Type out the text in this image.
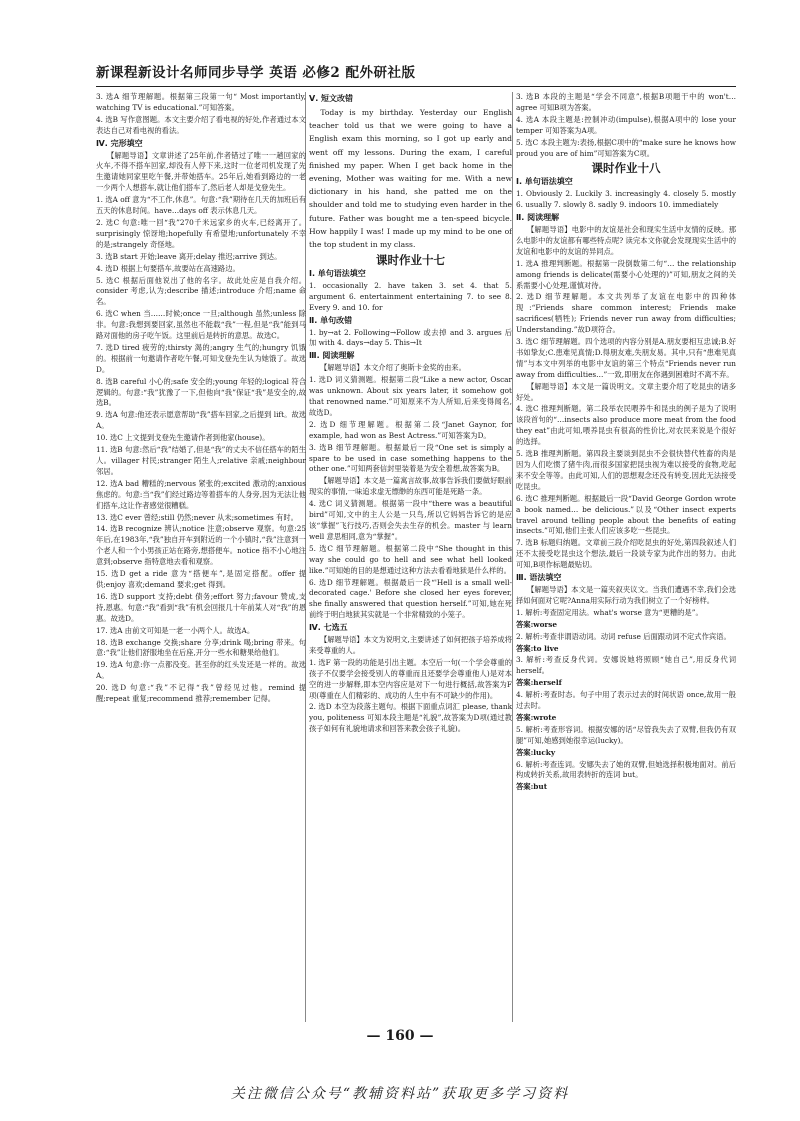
新课程新设计名师同步导学 英语 必修2 配外研社版

3. 选A 细节理解题。根据第三段第一句“ Most importantly, watching TV is educational.”可知答案。

4. 选B 写作意图题。本文主要介绍了看电视的好处,作者通过本文表达自己对看电视的看法。

Ⅳ. 完形填空

【解题导语】文章讲述了25年前,作者错过了唯一一趟回家的火车,不得不搭车回家,却没有人停下来,这时一位老司机发现了先生邀请她同家里吃午餐,并带她搭车。25年后,她看到路边的一老一少两个人想搭车,就让他们搭车了,然后老人却是戈登先生。

1. 选A off 意为“不工作,休息”。句意:“我”期待在几天的加班后有五天的休息时间。have…days off 表示休息几天。

2. 选C 句意:唯一回“我”270千米远家乡的火车,已经离开了。surprisingly 惊讶地;hopefully 有希望地;unfortunately 不幸的是;strangely 奇怪地。

3. 选B start 开始;leave 离开;delay 推迟;arrive 到达。

4. 选D 根据上句要搭车,故要站在高速路边。

5. 选C 根据后面他说出了他的名字。故此处应是自我介绍。consider 考虑,认为;describe 描述;introduce 介绍;name 命名。

6. 选C when 当……时候;once 一旦;although 虽然;unless 除非。句意:我想到要回家,虽然也不能载“我”一程,但是“我”能到马路对面他的房子吃午饭。这里前后是转折的意思。故选C。

7. 选D tired 疲劳的;thirsty 渴的;angry 生气的;hungry 饥饿的。根据前一句邀请作者吃午餐,可知戈登先生认为她饿了。故选D。

8. 选B careful 小心的;safe 安全的;young 年轻的;logical 符合逻辑的。句意:“我”犹豫了一下,但他向“我”保证“我”是安全的,故选B。

9. 选A 句意:他还表示愿意帮助“我”搭车回家,之后提到 lift。故选A。

10. 选C 上文提到戈登先生邀请作者到他家(house)。

11. 选B 句意:然后“我”结婚了,但是“我”的丈夫不信任搭车的陌生人。villager 村民;stranger 陌生人;relative 亲戚;neighbour 邻居。

12. 选A bad 糟糕的;nervous 紧张的;excited 激动的;anxious 焦虑的。句意:当“我”们经过路边等着搭车的人身旁,因为无法让他们搭车,这让作者感觉很糟糕。

13. 选C ever 曾经;still 仍然;never 从未;sometimes 有时。

14. 选B recognize 辨认;notice 注意;observe 观察。句意:25年后,在1983年,“我”独自开车到附近的一个小镇时,“我”注意到一个老人和一个小男孩正站在路旁,想搭便车。notice 指不小心地注意到;observe 指特意地去看和观察。

15. 选D get a ride 意为“搭便车”,是固定搭配。offer 提供;enjoy 喜欢;demand 要求;get 得到。

16. 选D support 支持;debt 债务;effort 努力;favour 赞成,支持,恩惠。句意:“我”看到“我”有机会回报几十年前某人对“我”的恩惠。故选D。

17. 选A 由前文可知是一老一小两个人。故选A。

18. 选B exchange 交换;share 分享;drink 喝;bring 带来。句意:“我”让他们舒服地坐在后座,开分一些水和糖果给他们。

19. 选A 句意:你一点都没变。甚至你的红头发还是一样的。故选A。

20. 选D 句意:“我”不记得“我”曾经见过他。remind 提醒;repeat 重复;recommend 推荐;remember 记得。

Ⅴ. 短文改错

Today is my birthday. Yesterday our English teacher told us that we were going to have a English exam this morning, so I got up early and went off my lessons. During the exam, I careful finished my paper. When I get back home in the evening, Mother was waiting for me. With a new dictionary in his hand, she patted me on the shoulder and told me to studying even harder in the future. Father was bought me a ten-speed bicycle. How happily I was! I made up my mind to be one of the top student in my class.

课时作业十七
Ⅰ. 单句语法填空

1. occasionally 2. have taken 3. set 4. that 5. argument 6. entertainment entertaining 7. to see 8. Every 9. and 10. for

Ⅱ. 单句改错

1. by→at 2. Following→Follow 或去掉 and 3. argues 后加 with 4. days→day 5. This→It

Ⅲ. 阅读理解

【解题导语】本文介绍了奥斯卡金奖的由来。

1. 选D 词义猜测题。根据第二段“Like a new actor, Oscar was unknown. About six years later, it somehow got that renowned name.”可知原来不为人所知,后来变得闻名,故选D。

2. 选D 细节理解题。根据第二段“Janet Gaynor, for example, had won as Best Actress.”可知答案为D。

3. 选B 细节理解题。根据最后一段“One set is simply a spare to be used in case something happens to the other one.”可知两套信封里装着是为安全着想,故答案为B。

【解题导语】本文是一篇寓言故事,故事告诉我们要做好眼前现实的事情,一味追求虚无缥缈的东西可能是死路一条。

4. 选C 词义猜测题。根据第一段中“there was a beautiful bird”可知,文中的主人公是一只鸟,所以它妈妈告诉它的是应该“掌握”飞行技巧,否则会失去生存的机会。master 与 learn well 意思相同,意为“掌握”。

5. 选C 细节理解题。根据第二段中“She thought in this way she could go to hell and see what hell looked like.”可知她的目的是想通过这种方法去看看地狱是什么样的。

6. 选D 细节理解题。根据最后一段“'Hell is a small well-decorated cage.' Before she closed her eyes forever, she finally answered that question herself.”可知,她在死前终于明白地狱其实就是一个非常精致的小笼子。

Ⅳ. 七选五

【解题导语】本文为说明文,主要讲述了如何把孩子培养成将来受尊重的人。

1. 选F 第一段的功能是引出主题。本空后一句(一个学会尊重的孩子不仅要学会接受别人的尊重而且还要学会尊重他人)是对本空的进一步解释,即本空内容应是对下一句进行概括,故答案为F项(尊重在人们精彩的、成功的人生中有不可缺少的作用)。

2. 选D 本空为段落主题句。根据下面重点词汇 please, thank you, politeness 可知本段主题是“礼貌”,故答案为D项(通过教孩子如何有礼貌地请求和回答来教会孩子礼貌)。

3. 选B 本段的主题是“学会不同意”,根据B项题干中的 won't…agree 可知B项为答案。

4. 选A 本段主题是:控制冲动(impulse),根据A项中的 lose your temper 可知答案为A项。

5. 选C 本段主题为:表扬,根据C项中的“make sure he knows how proud you are of him”可知答案为C项。

课时作业十八
Ⅰ. 单句语法填空

1. Obviously 2. Luckily 3. increasingly 4. closely 5. mostly 6. usually 7. slowly 8. sadly 9. indoors 10. immediately

Ⅱ. 阅读理解

【解题导语】电影中的友谊是社会和现实生活中友情的反映。那么电影中的友谊都有哪些特点呢? 读完本文你就会发现现实生活中的友谊和电影中的友谊的异同点。

1. 选A 推理判断题。根据第一段倒数第二句“… the relationship among friends is delicate(需要小心处理的)”可知,朋友之间的关系需要小心处理,谨慎对待。

2. 选D 细节理解题。本文共列举了友谊在电影中的四种体现:“Friends share common interest; Friends make sacrifices(牺牲); Friends never run away from difficulties; Understanding.”故D项符合。

3. 选C 细节理解题。四个选项的内容分别是A.朋友要相互忠诚;B.好书如挚友;C.患难见真情;D.得朋友难,失朋友易。其中,只有“患难见真情”与本文中列举的电影中友谊的第三个特点“Friends never run away from difficulties…”一致,即朋友在你遇到困难时不离不弃。

【解题导语】本文是一篇说明文。文章主要介绍了吃昆虫的诸多好处。

4. 选C 推理判断题。第二段举农民喂养牛和昆虫的例子是为了说明该段首句的“…insects also produce more meat from the food they eat”由此可知,喂养昆虫有很高的性价比,对农民来说是个很好的选择。

5. 选B 推理判断题。第四段主要谈到昆虫不会很快替代牲畜的肉是因为人们吃惯了猪牛肉,而很多国家把昆虫视为难以接受的食物,吃起来不安全等等。由此可知,人们的思想观念还没有转变,因此无法接受吃昆虫。

6. 选C 推理判断题。根据最后一段“David George Gordon wrote a book named… be delicious.”以及“Other insect experts travel around telling people about the benefits of eating insects.”可知,他们主张人们应该多吃一些昆虫。

7. 选B 标题归纳题。文章前三段介绍吃昆虫的好处,第四段叙述人们还不太接受吃昆虫这个想法,最后一段谈专家为此作出的努力。由此可知,B项作标题最贴切。

Ⅲ. 语法填空

【解题导语】本文是一篇夹叙夹议文。当我们遭遇不幸,我们会选择如何面对它呢?Anna用实际行动为我们树立了一个好榜样。

1. 解析:考查固定用法。what's worse 意为“更糟的是”。

答案:worse

2. 解析:考查非谓语动词。动词 refuse 后面跟动词不定式作宾语。

答案:to live

3. 解析:考查反身代词。安娜说她将照顾“她自己”,用反身代词 herself。

答案:herself

4. 解析:考查时态。句子中用了表示过去的时间状语 once,故用一般过去时。

答案:wrote

5. 解析:考查形容词。根据安娜的话“尽管我失去了双臂,但我仍有双腿”可知,她感到她很幸运(lucky)。

答案:lucky

6. 解析:考查连词。安娜失去了她的双臂,但她选择积极地面对。前后构成转折关系,故用表转折的连词 but。

答案:but

— 160 —
关注微信公众号“教辅资料站”获取更多学习资料
